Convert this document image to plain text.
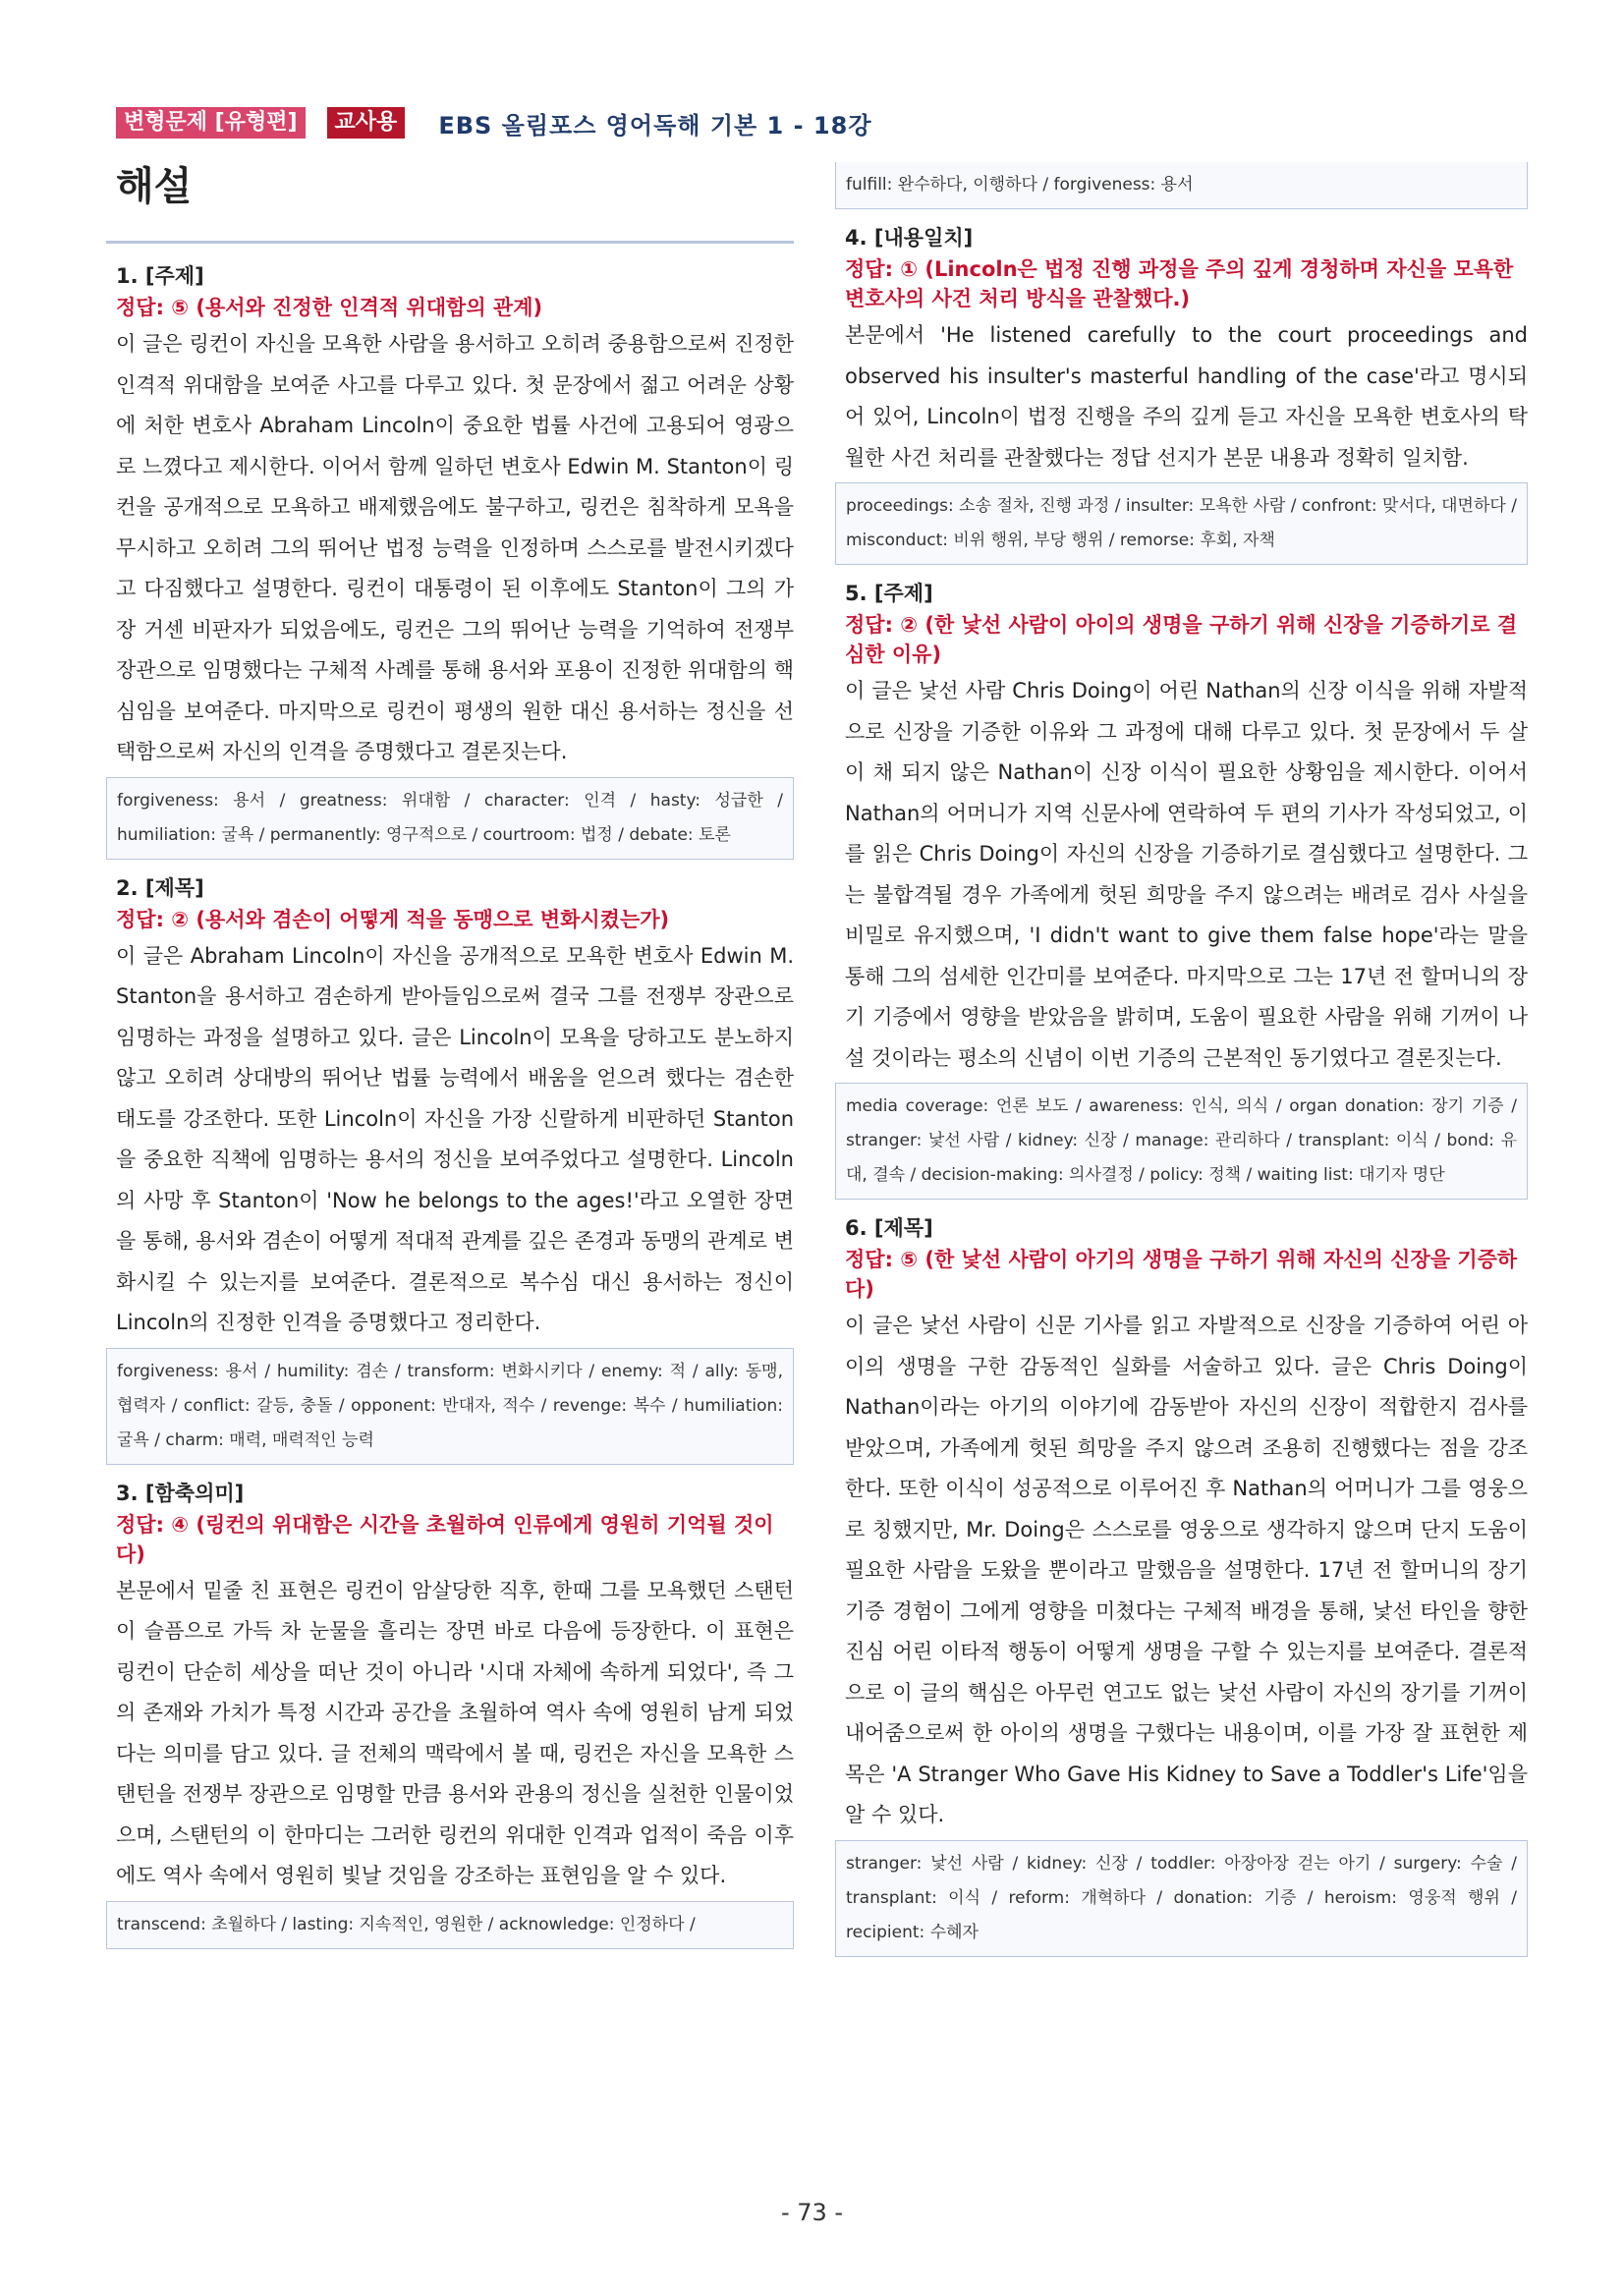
변형문제 [유형편]	교사용	EBS 올림포스 영어독해 기본 1 - 18강
해설
1. [주제]
정답: ⑤ (용서와 진정한 인격적 위대함의 관계)
이 글은 링컨이 자신을 모욕한 사람을 용서하고 오히려 중용함으로써 진정한 인격적 위대함을 보여준 사고를 다루고 있다. 첫 문장에서 젊고 어려운 상황에 처한 변호사 Abraham Lincoln이 중요한 법률 사건에 고용되어 영광으로 느꼈다고 제시한다. 이어서 함께 일하던 변호사 Edwin M. Stanton이 링컨을 공개적으로 모욕하고 배제했음에도 불구하고, 링컨은 침착하게 모욕을 무시하고 오히려 그의 뛰어난 법정 능력을 인정하며 스스로를 발전시키겠다고 다짐했다고 설명한다. 링컨이 대통령이 된 이후에도 Stanton이 그의 가장 거센 비판자가 되었음에도, 링컨은 그의 뛰어난 능력을 기억하여 전쟁부 장관으로 임명했다는 구체적 사례를 통해 용서와 포용이 진정한 위대함의 핵심임을 보여준다. 마지막으로 링컨이 평생의 원한 대신 용서하는 정신을 선택함으로써 자신의 인격을 증명했다고 결론짓는다.
forgiveness: 용서 / greatness: 위대함 / character: 인격 / hasty: 성급한 / humiliation: 굴욕 / permanently: 영구적으로 / courtroom: 법정 / debate: 토론
2. [제목]
정답: ② (용서와 겸손이 어떻게 적을 동맹으로 변화시켰는가)
이 글은 Abraham Lincoln이 자신을 공개적으로 모욕한 변호사 Edwin M. Stanton을 용서하고 겸손하게 받아들임으로써 결국 그를 전쟁부 장관으로 임명하는 과정을 설명하고 있다. 글은 Lincoln이 모욕을 당하고도 분노하지 않고 오히려 상대방의 뛰어난 법률 능력에서 배움을 얻으려 했다는 겸손한 태도를 강조한다. 또한 Lincoln이 자신을 가장 신랄하게 비판하던 Stanton을 중요한 직책에 임명하는 용서의 정신을 보여주었다고 설명한다. Lincoln의 사망 후 Stanton이 'Now he belongs to the ages!'라고 오열한 장면을 통해, 용서와 겸손이 어떻게 적대적 관계를 깊은 존경과 동맹의 관계로 변화시킬 수 있는지를 보여준다. 결론적으로 복수심 대신 용서하는 정신이 Lincoln의 진정한 인격을 증명했다고 정리한다.
forgiveness: 용서 / humility: 겸손 / transform: 변화시키다 / enemy: 적 / ally: 동맹, 협력자 / conflict: 갈등, 충돌 / opponent: 반대자, 적수 / revenge: 복수 / humiliation: 굴욕 / charm: 매력, 매력적인 능력
3. [함축의미]
정답: ④ (링컨의 위대함은 시간을 초월하여 인류에게 영원히 기억될 것이다)
본문에서 밑줄 친 표현은 링컨이 암살당한 직후, 한때 그를 모욕했던 스탠턴이 슬픔으로 가득 차 눈물을 흘리는 장면 바로 다음에 등장한다. 이 표현은 링컨이 단순히 세상을 떠난 것이 아니라 '시대 자체에 속하게 되었다', 즉 그의 존재와 가치가 특정 시간과 공간을 초월하여 역사 속에 영원히 남게 되었다는 의미를 담고 있다. 글 전체의 맥락에서 볼 때, 링컨은 자신을 모욕한 스탠턴을 전쟁부 장관으로 임명할 만큼 용서와 관용의 정신을 실천한 인물이었으며, 스탠턴의 이 한마디는 그러한 링컨의 위대한 인격과 업적이 죽음 이후에도 역사 속에서 영원히 빛날 것임을 강조하는 표현임을 알 수 있다.
transcend: 초월하다 / lasting: 지속적인, 영원한 / acknowledge: 인정하다 /
fulfill: 완수하다, 이행하다 / forgiveness: 용서
4. [내용일치]
정답: ① (Lincoln은 법정 진행 과정을 주의 깊게 경청하며 자신을 모욕한 변호사의 사건 처리 방식을 관찰했다.)
본문에서 'He listened carefully to the court proceedings and observed his insulter's masterful handling of the case'라고 명시되어 있어, Lincoln이 법정 진행을 주의 깊게 듣고 자신을 모욕한 변호사의 탁월한 사건 처리를 관찰했다는 정답 선지가 본문 내용과 정확히 일치함.
proceedings: 소송 절차, 진행 과정 / insulter: 모욕한 사람 / confront: 맞서다, 대면하다 / misconduct: 비위 행위, 부당 행위 / remorse: 후회, 자책
5. [주제]
정답: ② (한 낯선 사람이 아이의 생명을 구하기 위해 신장을 기증하기로 결심한 이유)
이 글은 낯선 사람 Chris Doing이 어린 Nathan의 신장 이식을 위해 자발적으로 신장을 기증한 이유와 그 과정에 대해 다루고 있다. 첫 문장에서 두 살이 채 되지 않은 Nathan이 신장 이식이 필요한 상황임을 제시한다. 이어서 Nathan의 어머니가 지역 신문사에 연락하여 두 편의 기사가 작성되었고, 이를 읽은 Chris Doing이 자신의 신장을 기증하기로 결심했다고 설명한다. 그는 불합격될 경우 가족에게 헛된 희망을 주지 않으려는 배려로 검사 사실을 비밀로 유지했으며, 'I didn't want to give them false hope'라는 말을 통해 그의 섬세한 인간미를 보여준다. 마지막으로 그는 17년 전 할머니의 장기 기증에서 영향을 받았음을 밝히며, 도움이 필요한 사람을 위해 기꺼이 나설 것이라는 평소의 신념이 이번 기증의 근본적인 동기였다고 결론짓는다.
media coverage: 언론 보도 / awareness: 인식, 의식 / organ donation: 장기 기증 / stranger: 낯선 사람 / kidney: 신장 / manage: 관리하다 / transplant: 이식 / bond: 유대, 결속 / decision-making: 의사결정 / policy: 정책 / waiting list: 대기자 명단
6. [제목]
정답: ⑤ (한 낯선 사람이 아기의 생명을 구하기 위해 자신의 신장을 기증하다)
이 글은 낯선 사람이 신문 기사를 읽고 자발적으로 신장을 기증하여 어린 아이의 생명을 구한 감동적인 실화를 서술하고 있다. 글은 Chris Doing이 Nathan이라는 아기의 이야기에 감동받아 자신의 신장이 적합한지 검사를 받았으며, 가족에게 헛된 희망을 주지 않으려 조용히 진행했다는 점을 강조한다. 또한 이식이 성공적으로 이루어진 후 Nathan의 어머니가 그를 영웅으로 칭했지만, Mr. Doing은 스스로를 영웅으로 생각하지 않으며 단지 도움이 필요한 사람을 도왔을 뿐이라고 말했음을 설명한다. 17년 전 할머니의 장기 기증 경험이 그에게 영향을 미쳤다는 구체적 배경을 통해, 낯선 타인을 향한 진심 어린 이타적 행동이 어떻게 생명을 구할 수 있는지를 보여준다. 결론적으로 이 글의 핵심은 아무런 연고도 없는 낯선 사람이 자신의 장기를 기꺼이 내어줌으로써 한 아이의 생명을 구했다는 내용이며, 이를 가장 잘 표현한 제목은 'A Stranger Who Gave His Kidney to Save a Toddler's Life'임을 알 수 있다.
stranger: 낯선 사람 / kidney: 신장 / toddler: 아장아장 걷는 아기 / surgery: 수술 / transplant: 이식 / reform: 개혁하다 / donation: 기증 / heroism: 영웅적 행위 / recipient: 수혜자
- 73 -
